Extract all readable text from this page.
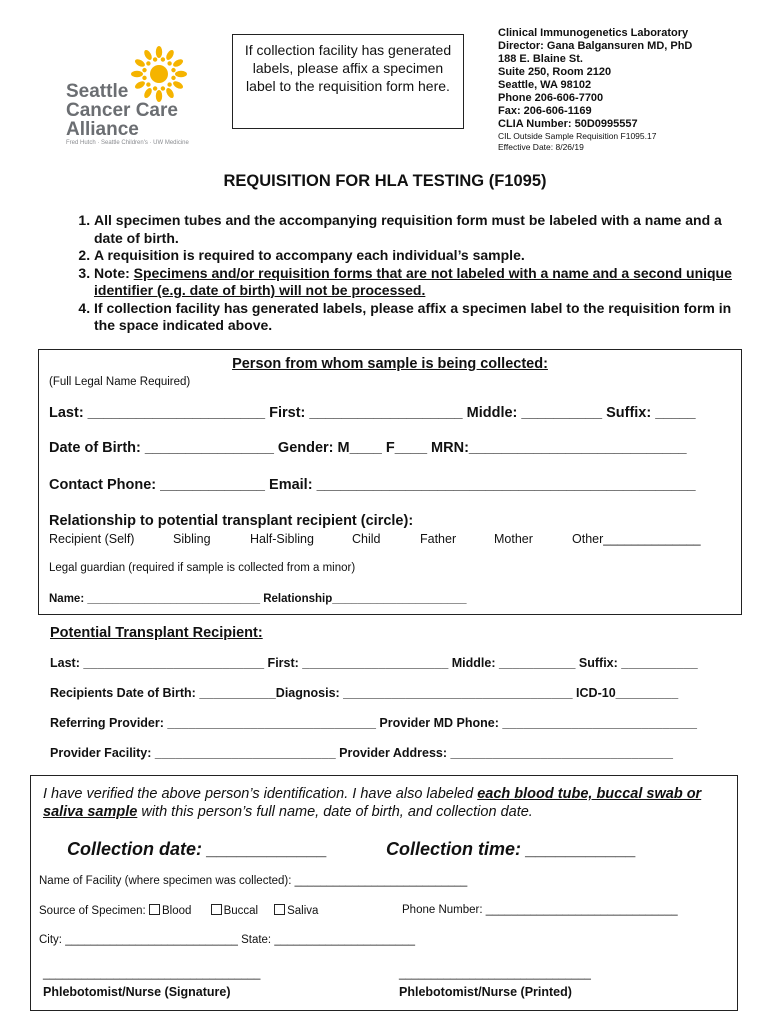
Seattle
Cancer Care
Alliance
Fred Hutch · Seattle Children's · UW Medicine
If collection facility has generated labels, please affix a specimen label to the requisition form here.
Clinical Immunogenetics Laboratory
Director: Gana Balgansuren MD, PhD
188 E. Blaine St.
Suite 250, Room 2120
Seattle, WA 98102
Phone 206-606-7700
Fax: 206-606-1169
CLIA Number: 50D0995557
CIL Outside Sample Requisition F1095.17
Effective Date: 8/26/19
REQUISITION FOR HLA TESTING (F1095)
1. All specimen tubes and the accompanying requisition form must be labeled with a name and a date of birth.
2. A requisition is required to accompany each individual’s sample.
3. Note: Specimens and/or requisition forms that are not labeled with a name and a second unique identifier (e.g. date of birth) will not be processed.
4. If collection facility has generated labels, please affix a specimen label to the requisition form in the space indicated above.
Person from whom sample is being collected:
(Full Legal Name Required)
Last: ______________________ First: ___________________ Middle: __________ Suffix: _____
Date of Birth: ________________ Gender: M____ F____ MRN:___________________________
Contact Phone: _____________ Email: _______________________________________________
Relationship to potential transplant recipient (circle):
Recipient (Self)	Sibling	Half-Sibling	Child	Father	Mother	Other______________
Legal guardian (required if sample is collected from a minor)
Name: ___________________________ Relationship_____________________
Potential Transplant Recipient:
Last: __________________________ First: _____________________ Middle: ___________ Suffix: ___________
Recipients Date of Birth: ___________Diagnosis: _________________________________ ICD-10_________
Referring Provider: ______________________________ Provider MD Phone: ____________________________
Provider Facility: __________________________ Provider Address: ________________________________
I have verified the above person’s identification. I have also labeled each blood tube, buccal swab or saliva sample with this person’s full name, date of birth, and collection date.
Collection date: ____________	Collection time: ___________
Name of Facility (where specimen was collected): ___________________________
Source of Specimen: Blood	Buccal	Saliva	Phone Number: ______________________________
City: ___________________________ State: ______________________
__________________________________
Phlebotomist/Nurse (Signature)
______________________________
Phlebotomist/Nurse (Printed)
